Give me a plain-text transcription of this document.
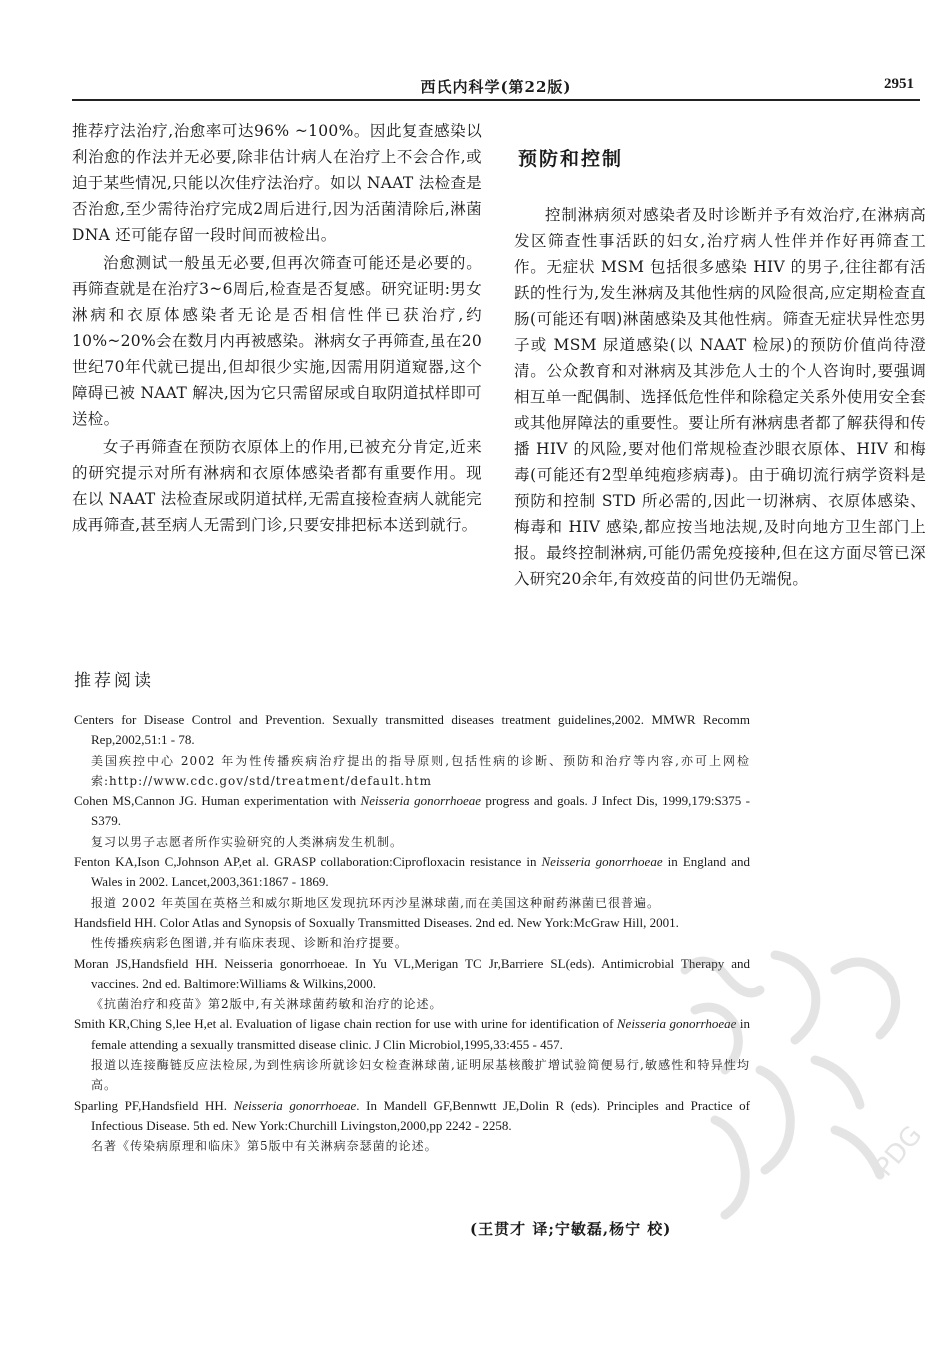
西氏内科学(第22版)	2951

推荐疗法治疗,治愈率可达96% ~100%。因此复查感染以利治愈的作法并无必要,除非估计病人在治疗上不会合作,或迫于某些情况,只能以次佳疗法治疗。如以 NAAT 法检查是否治愈,至少需待治疗完成2周后进行,因为活菌清除后,淋菌 DNA 还可能存留一段时间而被检出。

治愈测试一般虽无必要,但再次筛查可能还是必要的。再筛查就是在治疗3~6周后,检查是否复感。研究证明:男女淋病和衣原体感染者无论是否相信性伴已获治疗,约10%~20%会在数月内再被感染。淋病女子再筛查,虽在20世纪70年代就已提出,但却很少实施,因需用阴道窥器,这个障碍已被 NAAT 解决,因为它只需留尿或自取阴道拭样即可送检。

女子再筛查在预防衣原体上的作用,已被充分肯定,近来的研究提示对所有淋病和衣原体感染者都有重要作用。现在以 NAAT 法检查尿或阴道拭样,无需直接检查病人就能完成再筛查,甚至病人无需到门诊,只要安排把标本送到就行。

预防和控制

控制淋病须对感染者及时诊断并予有效治疗,在淋病高发区筛查性事活跃的妇女,治疗病人性伴并作好再筛查工作。无症状 MSM 包括很多感染 HIV 的男子,往往都有活跃的性行为,发生淋病及其他性病的风险很高,应定期检查直肠(可能还有咽)淋菌感染及其他性病。筛查无症状异性恋男子或 MSM 尿道感染(以 NAAT 检尿)的预防价值尚待澄清。公众教育和对淋病及其涉危人士的个人咨询时,要强调相互单一配偶制、选择低危性伴和除稳定关系外使用安全套或其他屏障法的重要性。要让所有淋病患者都了解获得和传播 HIV 的风险,要对他们常规检查沙眼衣原体、HIV 和梅毒(可能还有2型单纯疱疹病毒)。由于确切流行病学资料是预防和控制 STD 所必需的,因此一切淋病、衣原体感染、梅毒和 HIV 感染,都应按当地法规,及时向地方卫生部门上报。最终控制淋病,可能仍需免疫接种,但在这方面尽管已深入研究20余年,有效疫苗的问世仍无端倪。

推荐阅读
Centers for Disease Control and Prevention. Sexually transmitted diseases treatment guidelines,2002. MMWR Recomm Rep,2002,51:1 - 78.
美国疾控中心 2002 年为性传播疾病治疗提出的指导原则,包括性病的诊断、预防和治疗等内容,亦可上网检索:http://www.cdc.gov/std/treatment/default.htm
Cohen MS,Cannon JG. Human experimentation with Neisseria gonorrhoeae progress and goals. J Infect Dis, 1999,179:S375 - S379.
复习以男子志愿者所作实验研究的人类淋病发生机制。
Fenton KA,Ison C,Johnson AP,et al. GRASP collaboration:Ciprofloxacin resistance in Neisseria gonorrhoeae in England and Wales in 2002. Lancet,2003,361:1867 - 1869.
报道 2002 年英国在英格兰和威尔斯地区发现抗环丙沙星淋球菌,而在美国这种耐药淋菌已很普遍。
Handsfield HH. Color Atlas and Synopsis of Soxually Transmitted Diseases. 2nd ed. New York:McGraw Hill, 2001.
性传播疾病彩色图谱,并有临床表现、诊断和治疗提要。
Moran JS,Handsfield HH. Neisseria gonorrhoeae. In Yu VL,Merigan TC Jr,Barriere SL(eds). Antimicrobial Therapy and vaccines. 2nd ed. Baltimore:Williams & Wilkins,2000.
《抗菌治疗和疫苗》第2版中,有关淋球菌药敏和治疗的论述。
Smith KR,Ching S,lee H,et al. Evaluation of ligase chain rection for use with urine for identification of Neisseria gonorrhoeae in female attending a sexually transmitted disease clinic. J Clin Microbiol,1995,33:455 - 457.
报道以连接酶链反应法检尿,为到性病诊所就诊妇女检查淋球菌,证明尿基核酸扩增试验简便易行,敏感性和特异性均高。
Sparling PF,Handsfield HH. Neisseria gonorrhoeae. In Mandell GF,Bennwtt JE,Dolin R (eds). Principles and Practice of Infectious Disease. 5th ed. New York:Churchill Livingston,2000,pp 2242 - 2258.
名著《传染病原理和临床》第5版中有关淋病奈瑟菌的论述。
(王贯才 译;宁敏磊,杨宁 校)
PDG
